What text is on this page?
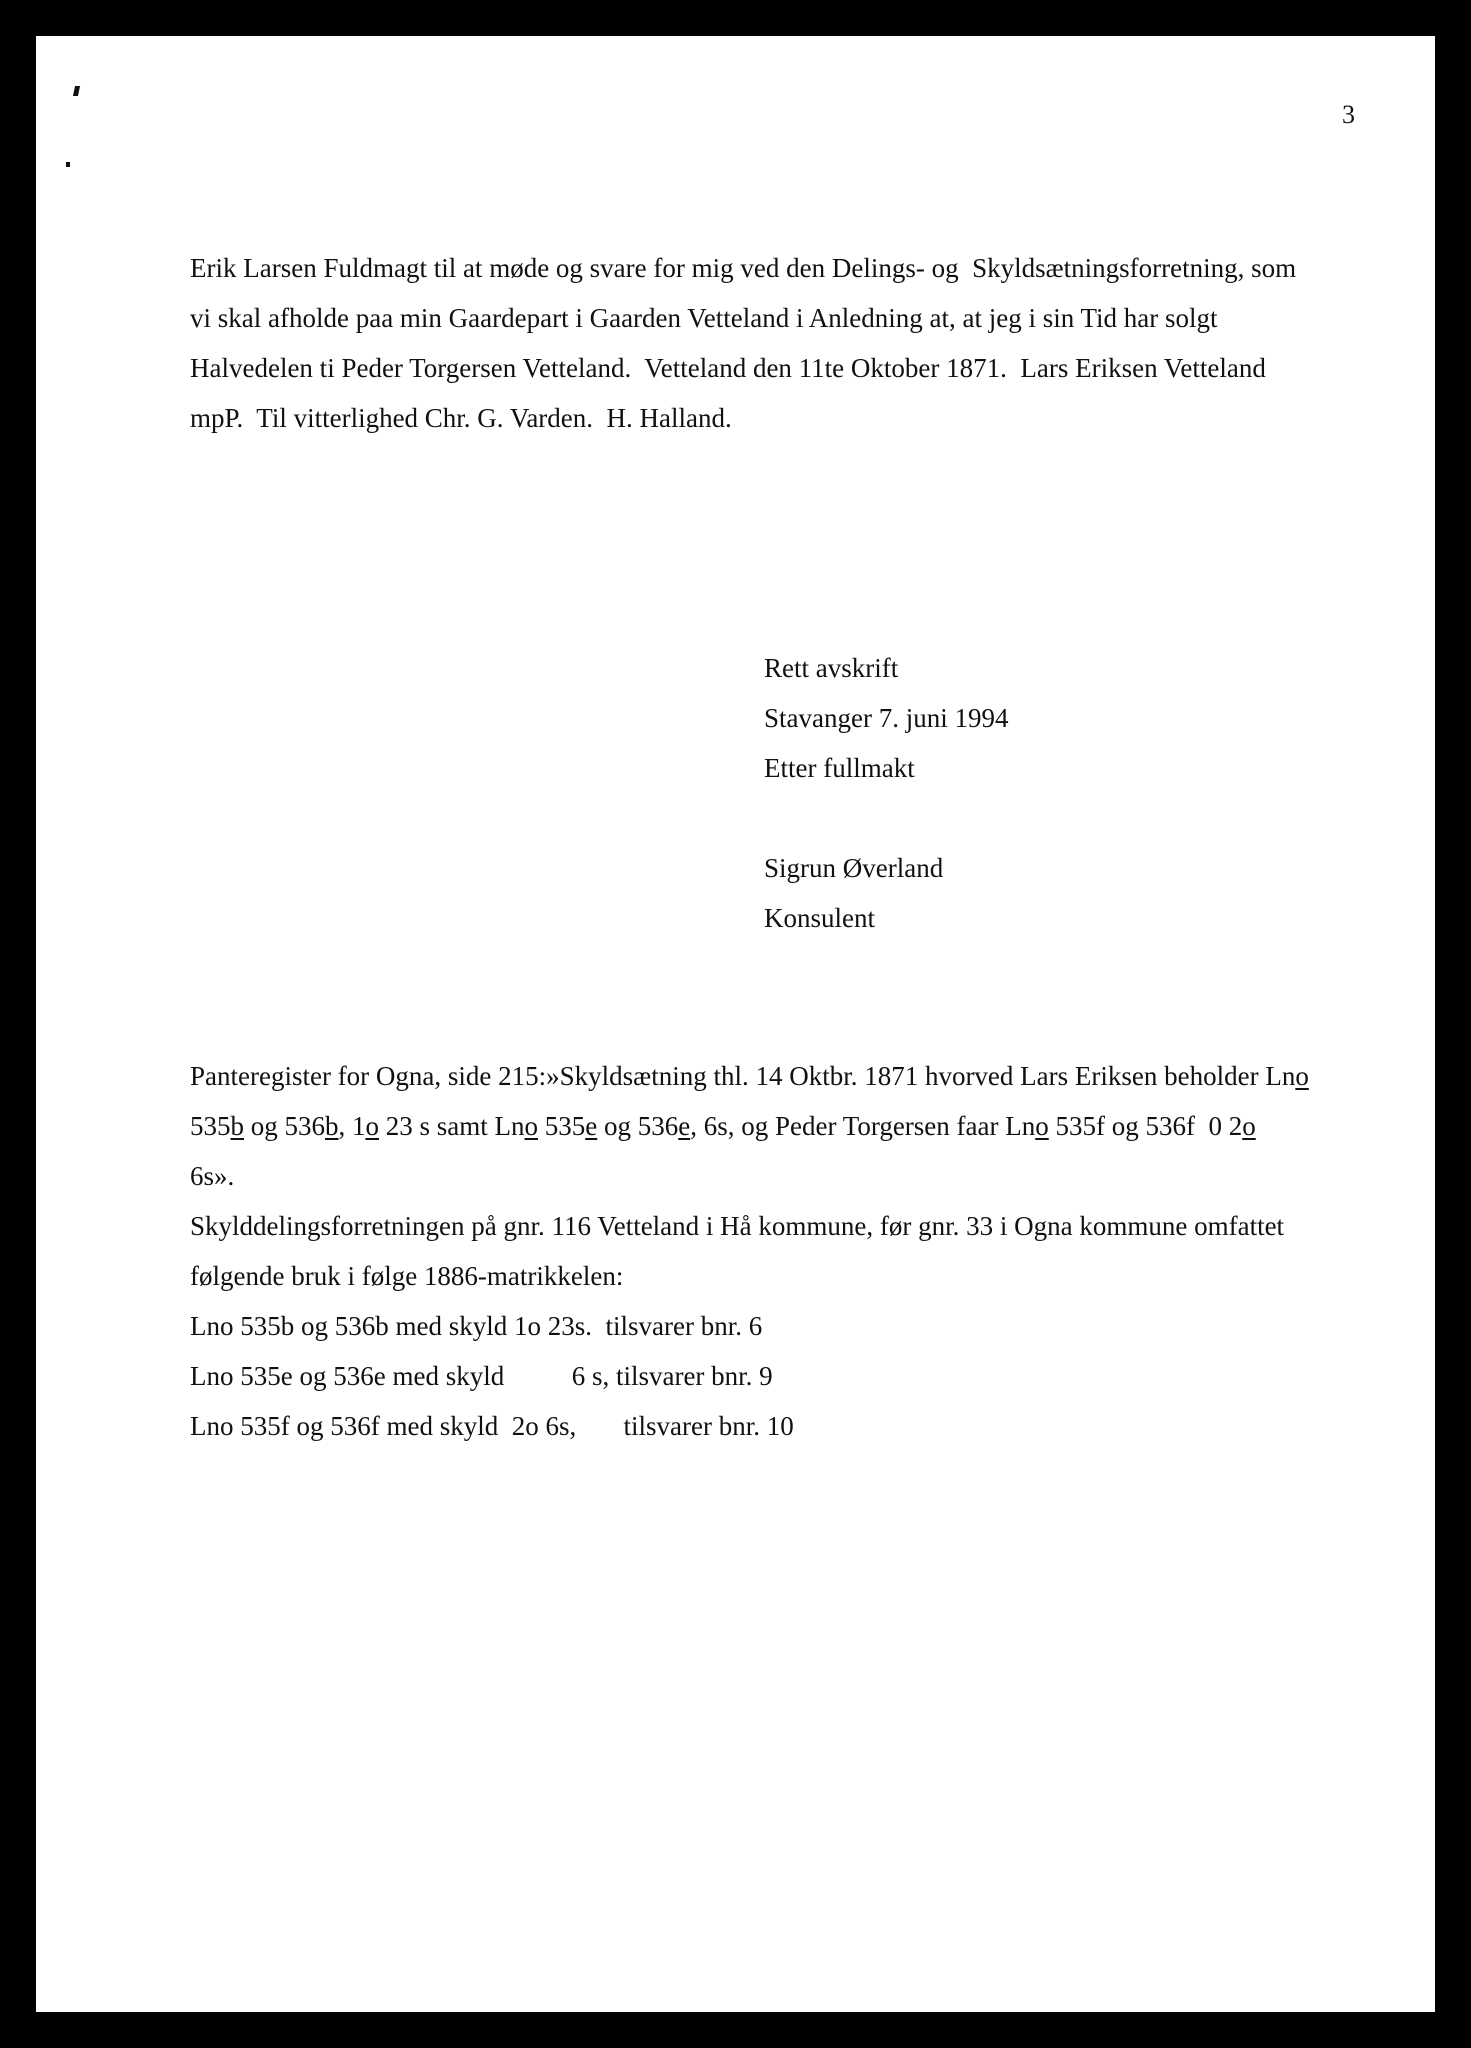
3
Erik Larsen Fuldmagt til at møde og svare for mig ved den Delings- og  Skyldsætningsforretning, som
vi skal afholde paa min Gaardepart i Gaarden Vetteland i Anledning at, at jeg i sin Tid har solgt
Halvedelen ti Peder Torgersen Vetteland.  Vetteland den 11te Oktober 1871.  Lars Eriksen Vetteland
mpP.  Til vitterlighed Chr. G. Varden.  H. Halland.
Rett avskrift
Stavanger 7. juni 1994
Etter fullmakt
Sigrun Øverland
Konsulent
Panteregister for Ogna, side 215:»Skyldsætning thl. 14 Oktbr. 1871 hvorved Lars Eriksen beholder Lno
535b og 536b, 1o 23 s samt Lno 535e og 536e, 6s, og Peder Torgersen faar Lno 535f og 536f  0 2o
6s».
Skylddelingsforretningen på gnr. 116 Vetteland i Hå kommune, før gnr. 33 i Ogna kommune omfattet
følgende bruk i følge 1886-matrikkelen:
Lno 535b og 536b med skyld 1o 23s.  tilsvarer bnr. 6
Lno 535e og 536e med skyld          6 s, tilsvarer bnr. 9
Lno 535f og 536f med skyld  2o 6s,       tilsvarer bnr. 10
